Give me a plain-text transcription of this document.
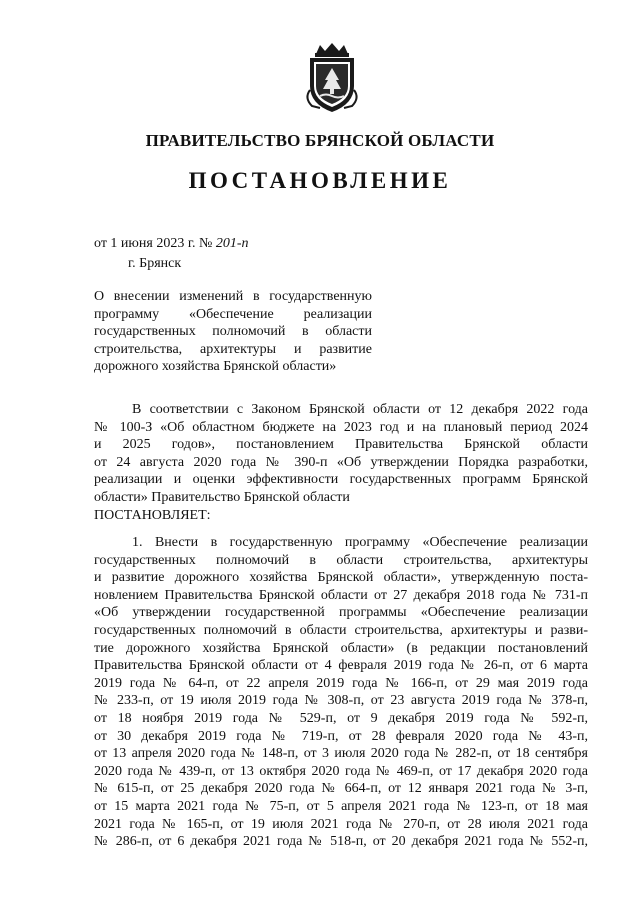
ПРАВИТЕЛЬСТВО БРЯНСКОЙ ОБЛАСТИ
ПОСТАНОВЛЕНИЕ
от 1 июня 2023 г. № 201-п
г. Брянск
О внесении изменений в государственную
программу «Обеспечение реализации
государственных полномочий в области
строительства, архитектуры и развитие
дорожного хозяйства Брянской области»
В соответствии с Законом Брянской области от 12 декабря 2022 года
№ 100-З «Об областном бюджете на 2023 год и на плановый период 2024
и 2025 годов», постановлением Правительства Брянской области
от 24 августа 2020 года № 390-п «Об утверждении Порядка разработки,
реализации и оценки эффективности государственных программ Брянской
области» Правительство Брянской области
ПОСТАНОВЛЯЕТ:
1. Внести в государственную программу «Обеспечение реализации
государственных полномочий в области строительства, архитектуры
и развитие дорожного хозяйства Брянской области», утвержденную поста-
новлением Правительства Брянской области от 27 декабря 2018 года № 731-п
«Об утверждении государственной программы «Обеспечение реализации
государственных полномочий в области строительства, архитектуры и разви-
тие дорожного хозяйства Брянской области» (в редакции постановлений
Правительства Брянской области от 4 февраля 2019 года № 26-п, от 6 марта
2019 года № 64-п, от 22 апреля 2019 года № 166-п, от 29 мая 2019 года
№ 233-п, от 19 июля 2019 года № 308-п, от 23 августа 2019 года № 378-п,
от 18 ноября 2019 года № 529-п, от 9 декабря 2019 года № 592-п,
от 30 декабря 2019 года № 719-п, от 28 февраля 2020 года № 43-п,
от 13 апреля 2020 года № 148-п, от 3 июля 2020 года № 282-п, от 18 сентября
2020 года № 439-п, от 13 октября 2020 года № 469-п, от 17 декабря 2020 года
№ 615-п, от 25 декабря 2020 года № 664-п, от 12 января 2021 года № 3-п,
от 15 марта 2021 года № 75-п, от 5 апреля 2021 года № 123-п, от 18 мая
2021 года № 165-п, от 19 июля 2021 года № 270-п, от 28 июля 2021 года
№ 286-п, от 6 декабря 2021 года № 518-п, от 20 декабря 2021 года № 552-п,
